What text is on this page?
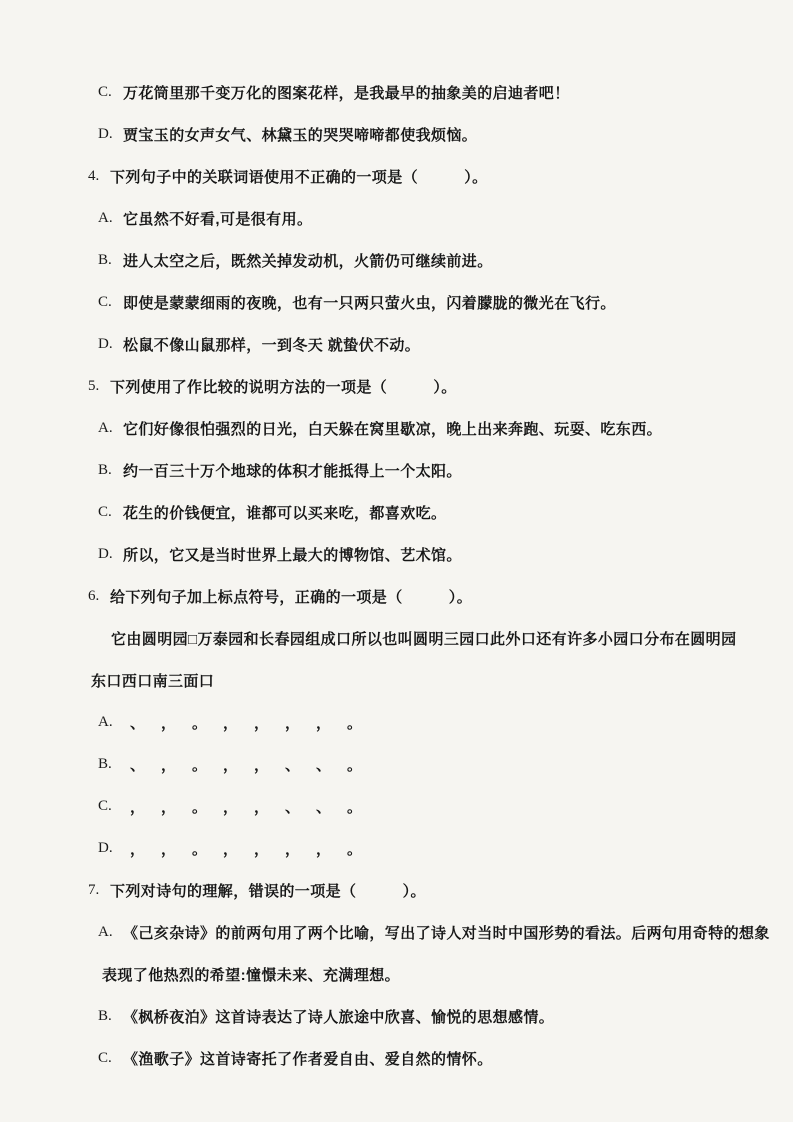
C. 万花筒里那千变万化的图案花样，是我最早的抽象美的启迪者吧！
D. 贾宝玉的女声女气、林黛玉的哭哭啼啼都使我烦恼。
4. 下列句子中的关联词语使用不正确的一项是（　　　）。
A. 它虽然不好看,可是很有用。
B. 进人太空之后，既然关掉发动机，火箭仍可继续前进。
C. 即使是蒙蒙细雨的夜晚，也有一只两只萤火虫，闪着朦胧的微光在飞行。
D. 松鼠不像山鼠那样，一到冬天 就蛰伏不动。
5. 下列使用了作比较的说明方法的一项是（　　　）。
A. 它们好像很怕强烈的日光，白天躲在窝里歇凉，晚上出来奔跑、玩耍、吃东西。
B. 约一百三十万个地球的体积才能抵得上一个太阳。
C. 花生的价钱便宜，谁都可以买来吃，都喜欢吃。
D. 所以，它又是当时世界上最大的博物馆、艺术馆。
6. 给下列句子加上标点符号，正确的一项是（　　　）。
它由圆明园□万泰园和长春园组成口所以也叫圆明三园口此外口还有许多小园口分布在圆明园
东口西口南三面口
A.	、	，	。	，	，	，	，	。
B.	、	，	。	，	，	、	、	。
C.	，	，	。	，	，	、	、	。
D.	，	，	。	，	，	，	，	。
7. 下列对诗句的理解，错误的一项是（　　　）。
A. 《己亥杂诗》的前两句用了两个比喻，写出了诗人对当时中国形势的看法。后两句用奇特的想象
表现了他热烈的希望:憧憬未来、充满理想。
B. 《枫桥夜泊》这首诗表达了诗人旅途中欣喜、愉悦的思想感情。
C. 《渔歌子》这首诗寄托了作者爱自由、爱自然的情怀。
